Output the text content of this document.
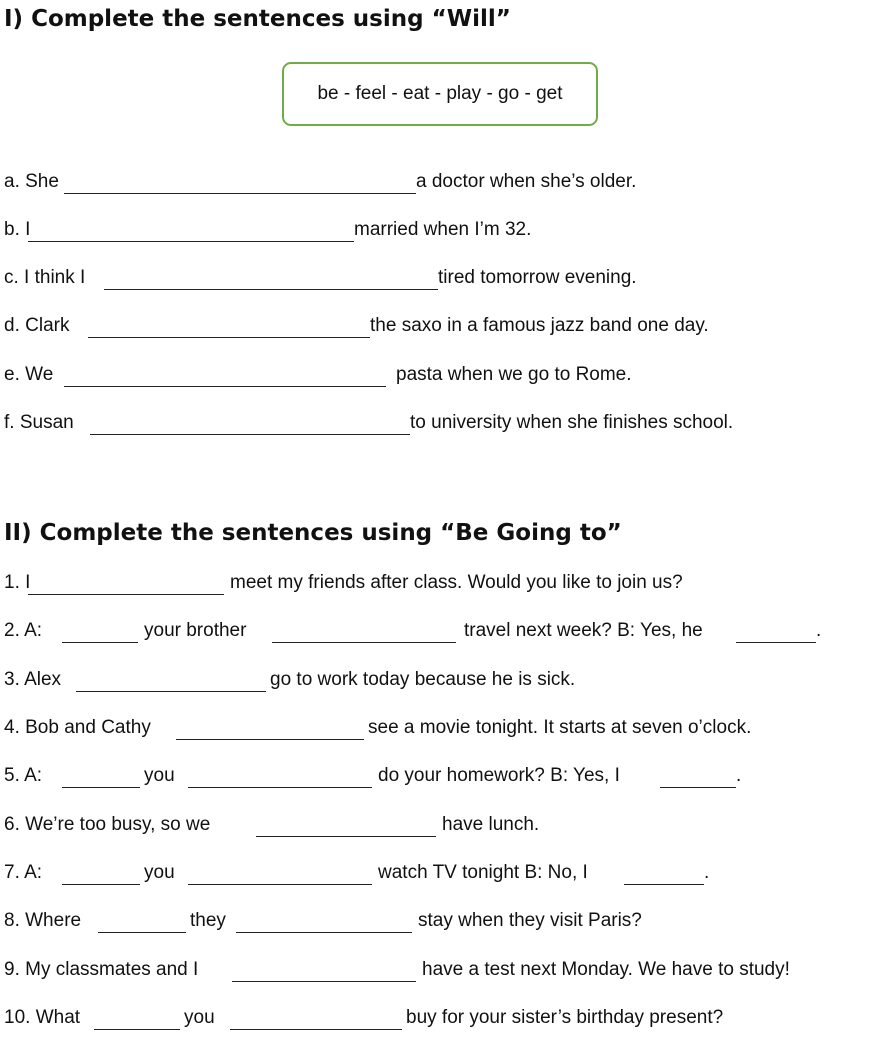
I) Complete the sentences using “Will”
be - feel - eat - play - go - get
a. She	a doctor when she’s older.
b. I	married when I’m 32.
c. I think I	tired tomorrow evening.
d. Clark	the saxo in a famous jazz band one day.
e. We	pasta when we go to Rome.
f. Susan	to university when she finishes school.
II) Complete the sentences using “Be Going to”
1. I	meet my friends after class. Would you like to join us?
2. A:	your brother	travel next week? B: Yes, he	.
3. Alex	go to work today because he is sick.
4. Bob and Cathy	see a movie tonight. It starts at seven o’clock.
5. A:	you	do your homework? B: Yes, I	.
6. We’re too busy, so we	have lunch.
7. A:	you	watch TV tonight B: No, I	.
8. Where	they	stay when they visit Paris?
9. My classmates and I	have a test next Monday. We have to study!
10. What	you	buy for your sister’s birthday present?
